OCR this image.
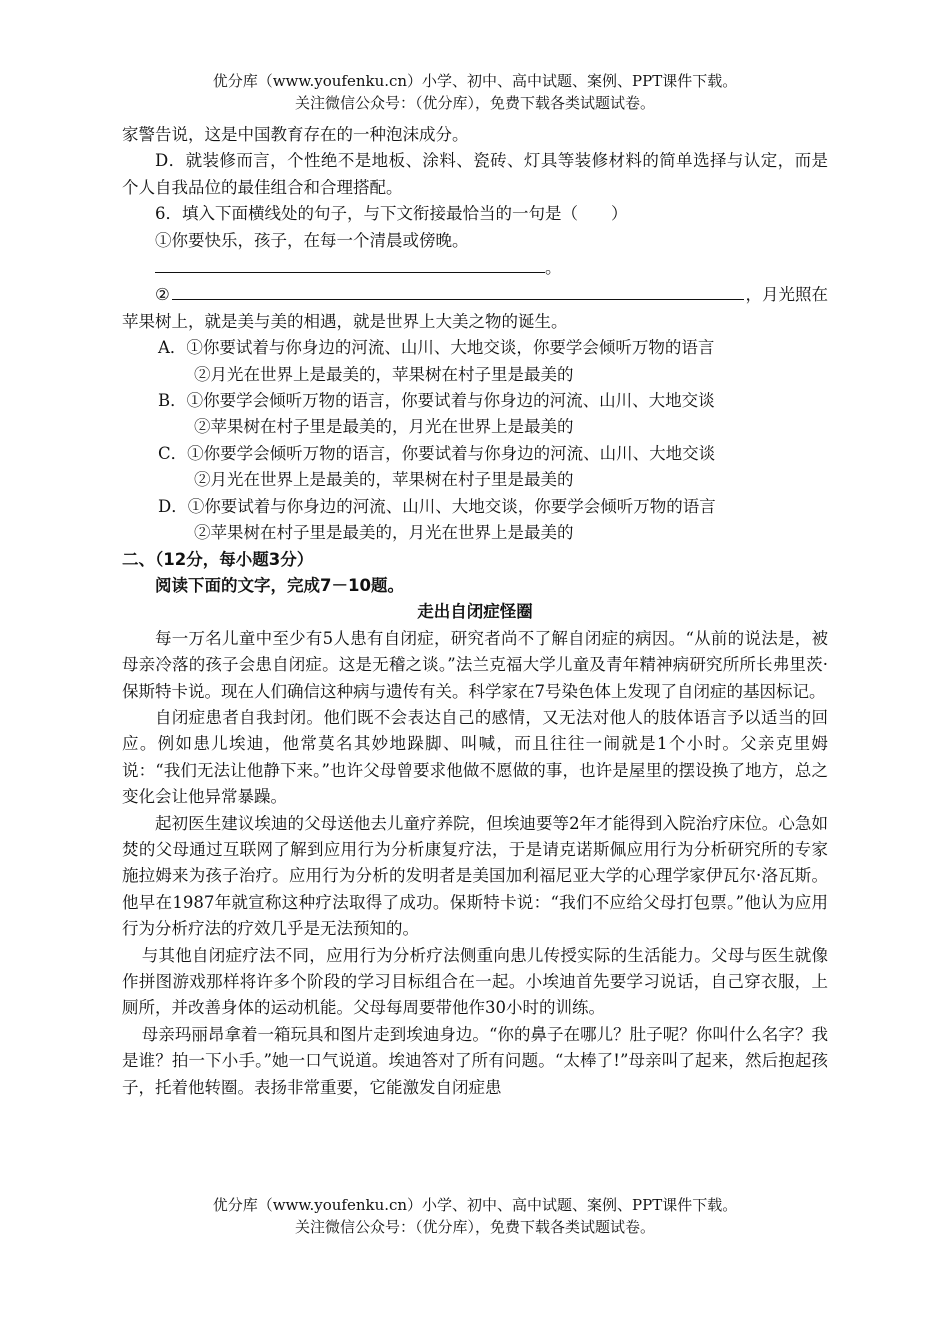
优分库（www.youfenku.cn）小学、初中、高中试题、案例、PPT课件下载。
关注微信公众号：（优分库），免费下载各类试题试卷。

家警告说，这是中国教育存在的一种泡沫成分。

D．就装修而言，个性绝不是地板、涂料、瓷砖、灯具等装修材料的简单选择与认定，而是个人自我品位的最佳组合和合理搭配。

6．填入下面横线处的句子，与下文衔接最恰当的一句是（　　）

①你要快乐，孩子，在每一个清晨或傍晚。

。

②	，月光照在

苹果树上，就是美与美的相遇，就是世界上大美之物的诞生。

A．①你要试着与你身边的河流、山川、大地交谈，你要学会倾听万物的语言

②月光在世界上是最美的，苹果树在村子里是最美的

B．①你要学会倾听万物的语言，你要试着与你身边的河流、山川、大地交谈

②苹果树在村子里是最美的，月光在世界上是最美的

C．①你要学会倾听万物的语言，你要试着与你身边的河流、山川、大地交谈

②月光在世界上是最美的，苹果树在村子里是最美的

D．①你要试着与你身边的河流、山川、大地交谈，你要学会倾听万物的语言

②苹果树在村子里是最美的，月光在世界上是最美的

二、（12分，每小题3分）

阅读下面的文字，完成7－10题。

走出自闭症怪圈

每一万名儿童中至少有5人患有自闭症，研究者尚不了解自闭症的病因。“从前的说法是，被母亲冷落的孩子会患自闭症。这是无稽之谈。”法兰克福大学儿童及青年精神病研究所所长弗里茨·保斯特卡说。现在人们确信这种病与遗传有关。科学家在7号染色体上发现了自闭症的基因标记。

自闭症患者自我封闭。他们既不会表达自己的感情，又无法对他人的肢体语言予以适当的回应。例如患儿埃迪，他常莫名其妙地跺脚、叫喊，而且往往一闹就是1个小时。父亲克里姆说：“我们无法让他静下来。”也许父母曾要求他做不愿做的事，也许是屋里的摆设换了地方，总之变化会让他异常暴躁。

起初医生建议埃迪的父母送他去儿童疗养院，但埃迪要等2年才能得到入院治疗床位。心急如焚的父母通过互联网了解到应用行为分析康复疗法，于是请克诺斯佩应用行为分析研究所的专家施拉姆来为孩子治疗。应用行为分析的发明者是美国加利福尼亚大学的心理学家伊瓦尔·洛瓦斯。他早在1987年就宣称这种疗法取得了成功。保斯特卡说：“我们不应给父母打包票。”他认为应用行为分析疗法的疗效几乎是无法预知的。

与其他自闭症疗法不同，应用行为分析疗法侧重向患儿传授实际的生活能力。父母与医生就像作拼图游戏那样将许多个阶段的学习目标组合在一起。小埃迪首先要学习说话，自己穿衣服，上厕所，并改善身体的运动机能。父母每周要带他作30小时的训练。

母亲玛丽昂拿着一箱玩具和图片走到埃迪身边。“你的鼻子在哪儿？肚子呢？你叫什么名字？我是谁？拍一下小手。”她一口气说道。埃迪答对了所有问题。“太棒了!”母亲叫了起来，然后抱起孩子，托着他转圈。表扬非常重要，它能激发自闭症患

优分库（www.youfenku.cn）小学、初中、高中试题、案例、PPT课件下载。
关注微信公众号：（优分库），免费下载各类试题试卷。
